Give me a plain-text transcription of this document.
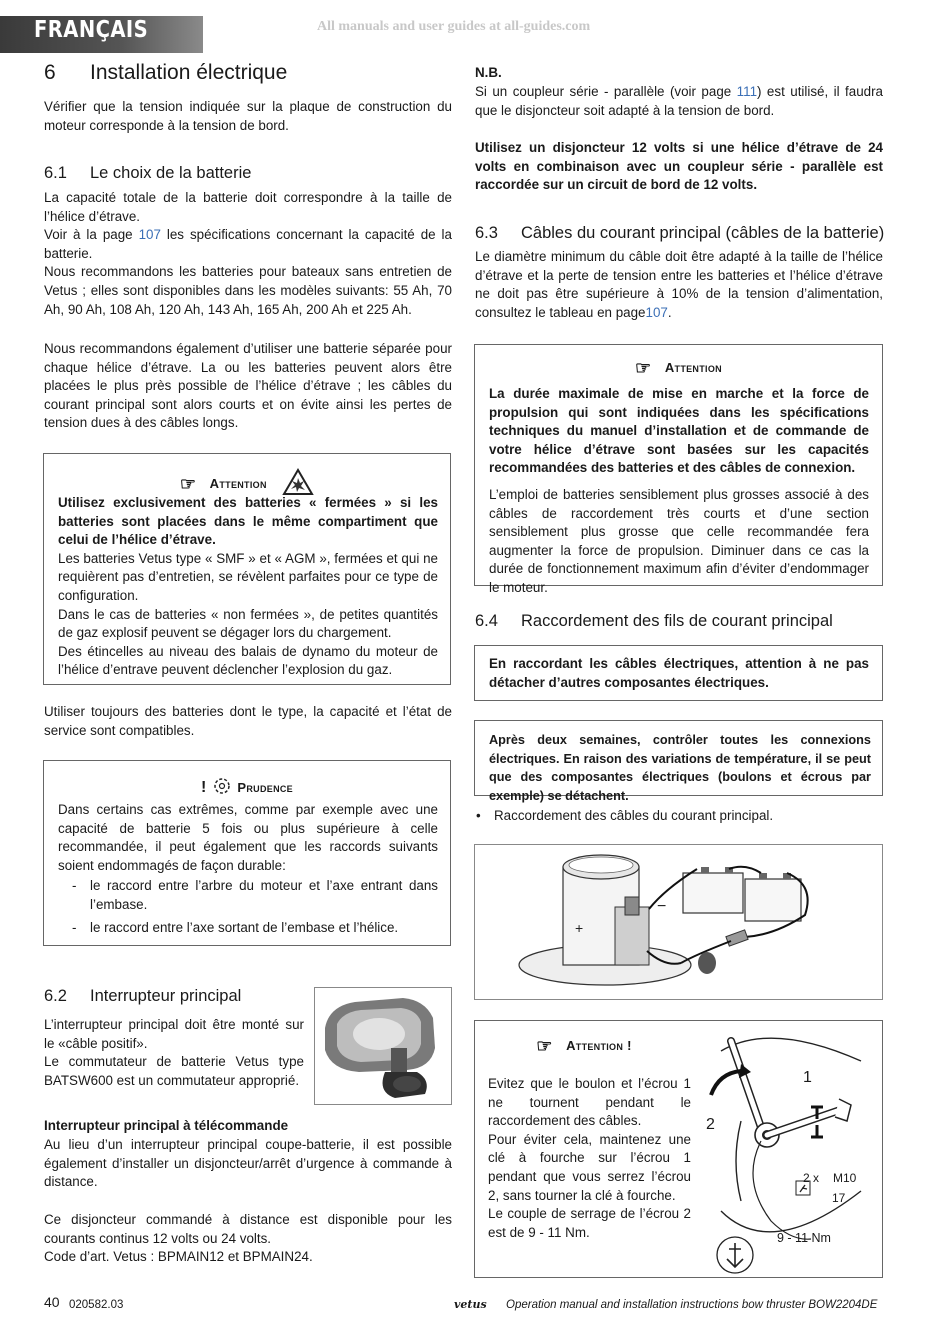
FRANÇAIS	All manuals and user guides at all-guides.com
6 Installation électrique

Vérifier que la tension indiquée sur la plaque de construction du moteur corresponde à la tension de bord.

6.1 Le choix de la batterie

La capacité totale de la batterie doit correspondre à la taille de l’hélice d’étrave.

Voir à la page 107 les spécifications concernant la capacité de la batterie.

Nous recommandons les batteries pour bateaux sans entretien de Vetus ; elles sont disponibles dans les modèles suivants: 55 Ah, 70 Ah, 90 Ah, 108 Ah, 120 Ah, 143 Ah, 165 Ah, 200 Ah et 225 Ah.

Nous recommandons également d’utiliser une batterie séparée pour chaque hélice d’étrave. La ou les batteries peuvent alors être placées le plus près possible de l’hélice d’étrave ; les câbles du courant principal sont alors courts et on évite ainsi les pertes de tension dues à des câbles longs.

☞ Attention

Utilisez exclusivement des batteries « fermées » si les batteries sont placées dans le même compartiment que celui de l’hélice d’étrave.

Les batteries Vetus type « SMF » et « AGM », fermées et qui ne requièrent pas d’entretien, se révèlent parfaites pour ce type de configuration.

Dans le cas de batteries « non fermées », de petites quantités de gaz explosif peuvent se dégager lors du chargement.

Des étincelles au niveau des balais de dynamo du moteur de l’hélice d’entrave peuvent déclencher l’explosion du gaz.

Utiliser toujours des batteries dont le type, la capacité et l’état de service sont compatibles.

! Prudence

Dans certains cas extrêmes, comme par exemple avec une capacité de batterie 5 fois ou plus supérieure à celle recommandée, il peut également que les raccords suivants soient endommagés de façon durable:

- le raccord entre l’arbre du moteur et l’axe entrant dans l’embase.

- le raccord entre l’axe sortant de l’embase et l’hélice.

6.2 Interrupteur principal

L’interrupteur principal doit être monté sur le «câble positif».

Le commutateur de batterie Vetus type BATSW600 est un commutateur approprié.

Interrupteur principal à télécommande

Au lieu d’un interrupteur principal coupe-batterie, il est possible également d’installer un disjoncteur/arrêt d’urgence à commande à distance.

Ce disjoncteur commandé à distance est disponible pour les courants continus 12 volts ou 24 volts.

Code d’art. Vetus : BPMAIN12 et BPMAIN24.

N.B.

Si un coupleur série - parallèle (voir page 111) est utilisé, il faudra que le disjoncteur soit adapté à la tension de bord.

Utilisez un disjoncteur 12 volts si une hélice d’étrave de 24 volts en combinaison avec un coupleur série - parallèle est raccordée sur un circuit de bord de 12 volts.

6.3 Câbles du courant principal (câbles de la batterie)

Le diamètre minimum du câble doit être adapté à la taille de l’hélice d’étrave et la perte de tension entre les batteries et l’hélice d’étrave ne doit pas être supérieure à 10% de la tension d’alimentation, consultez le tableau en page107.

☞ Attention

La durée maximale de mise en marche et la force de propulsion qui sont indiquées dans les spécifications techniques du manuel d’installation et de commande de votre hélice d’étrave sont basées sur les capacités recommandées des batteries et des câbles de connexion.

L’emploi de batteries sensiblement plus grosses associé à des câbles de raccordement très courts et d’une section sensiblement plus grosse que celle recommandée fera augmenter la force de propulsion. Diminuer dans ce cas la durée de fonctionnement maximum afin d’éviter d’endommager le moteur.

6.4 Raccordement des fils de courant principal

En raccordant les câbles électriques, attention à ne pas détacher d’autres composantes électriques.

Après deux semaines, contrôler toutes les connexions électriques. En raison des variations de température, il se peut que des composantes électriques (boulons et écrous par exemple) se détachent.

• Raccordement des câbles du courant principal.

+
−
☞ Attention !

Evitez que le boulon et l’écrou 1 ne tournent pendant le raccordement des câbles.

Pour éviter cela, maintenez une clé à fourche sur l’écrou 1 pendant que vous serrez l’écrou 2, sans tourner la clé à fourche.

Le couple de serrage de l’écrou 2 est de 9 - 11 Nm.

1
2
2 x M10
17
9 - 11 Nm
40 020582.03	vetus Operation manual and installation instructions bow thruster BOW2204DE
